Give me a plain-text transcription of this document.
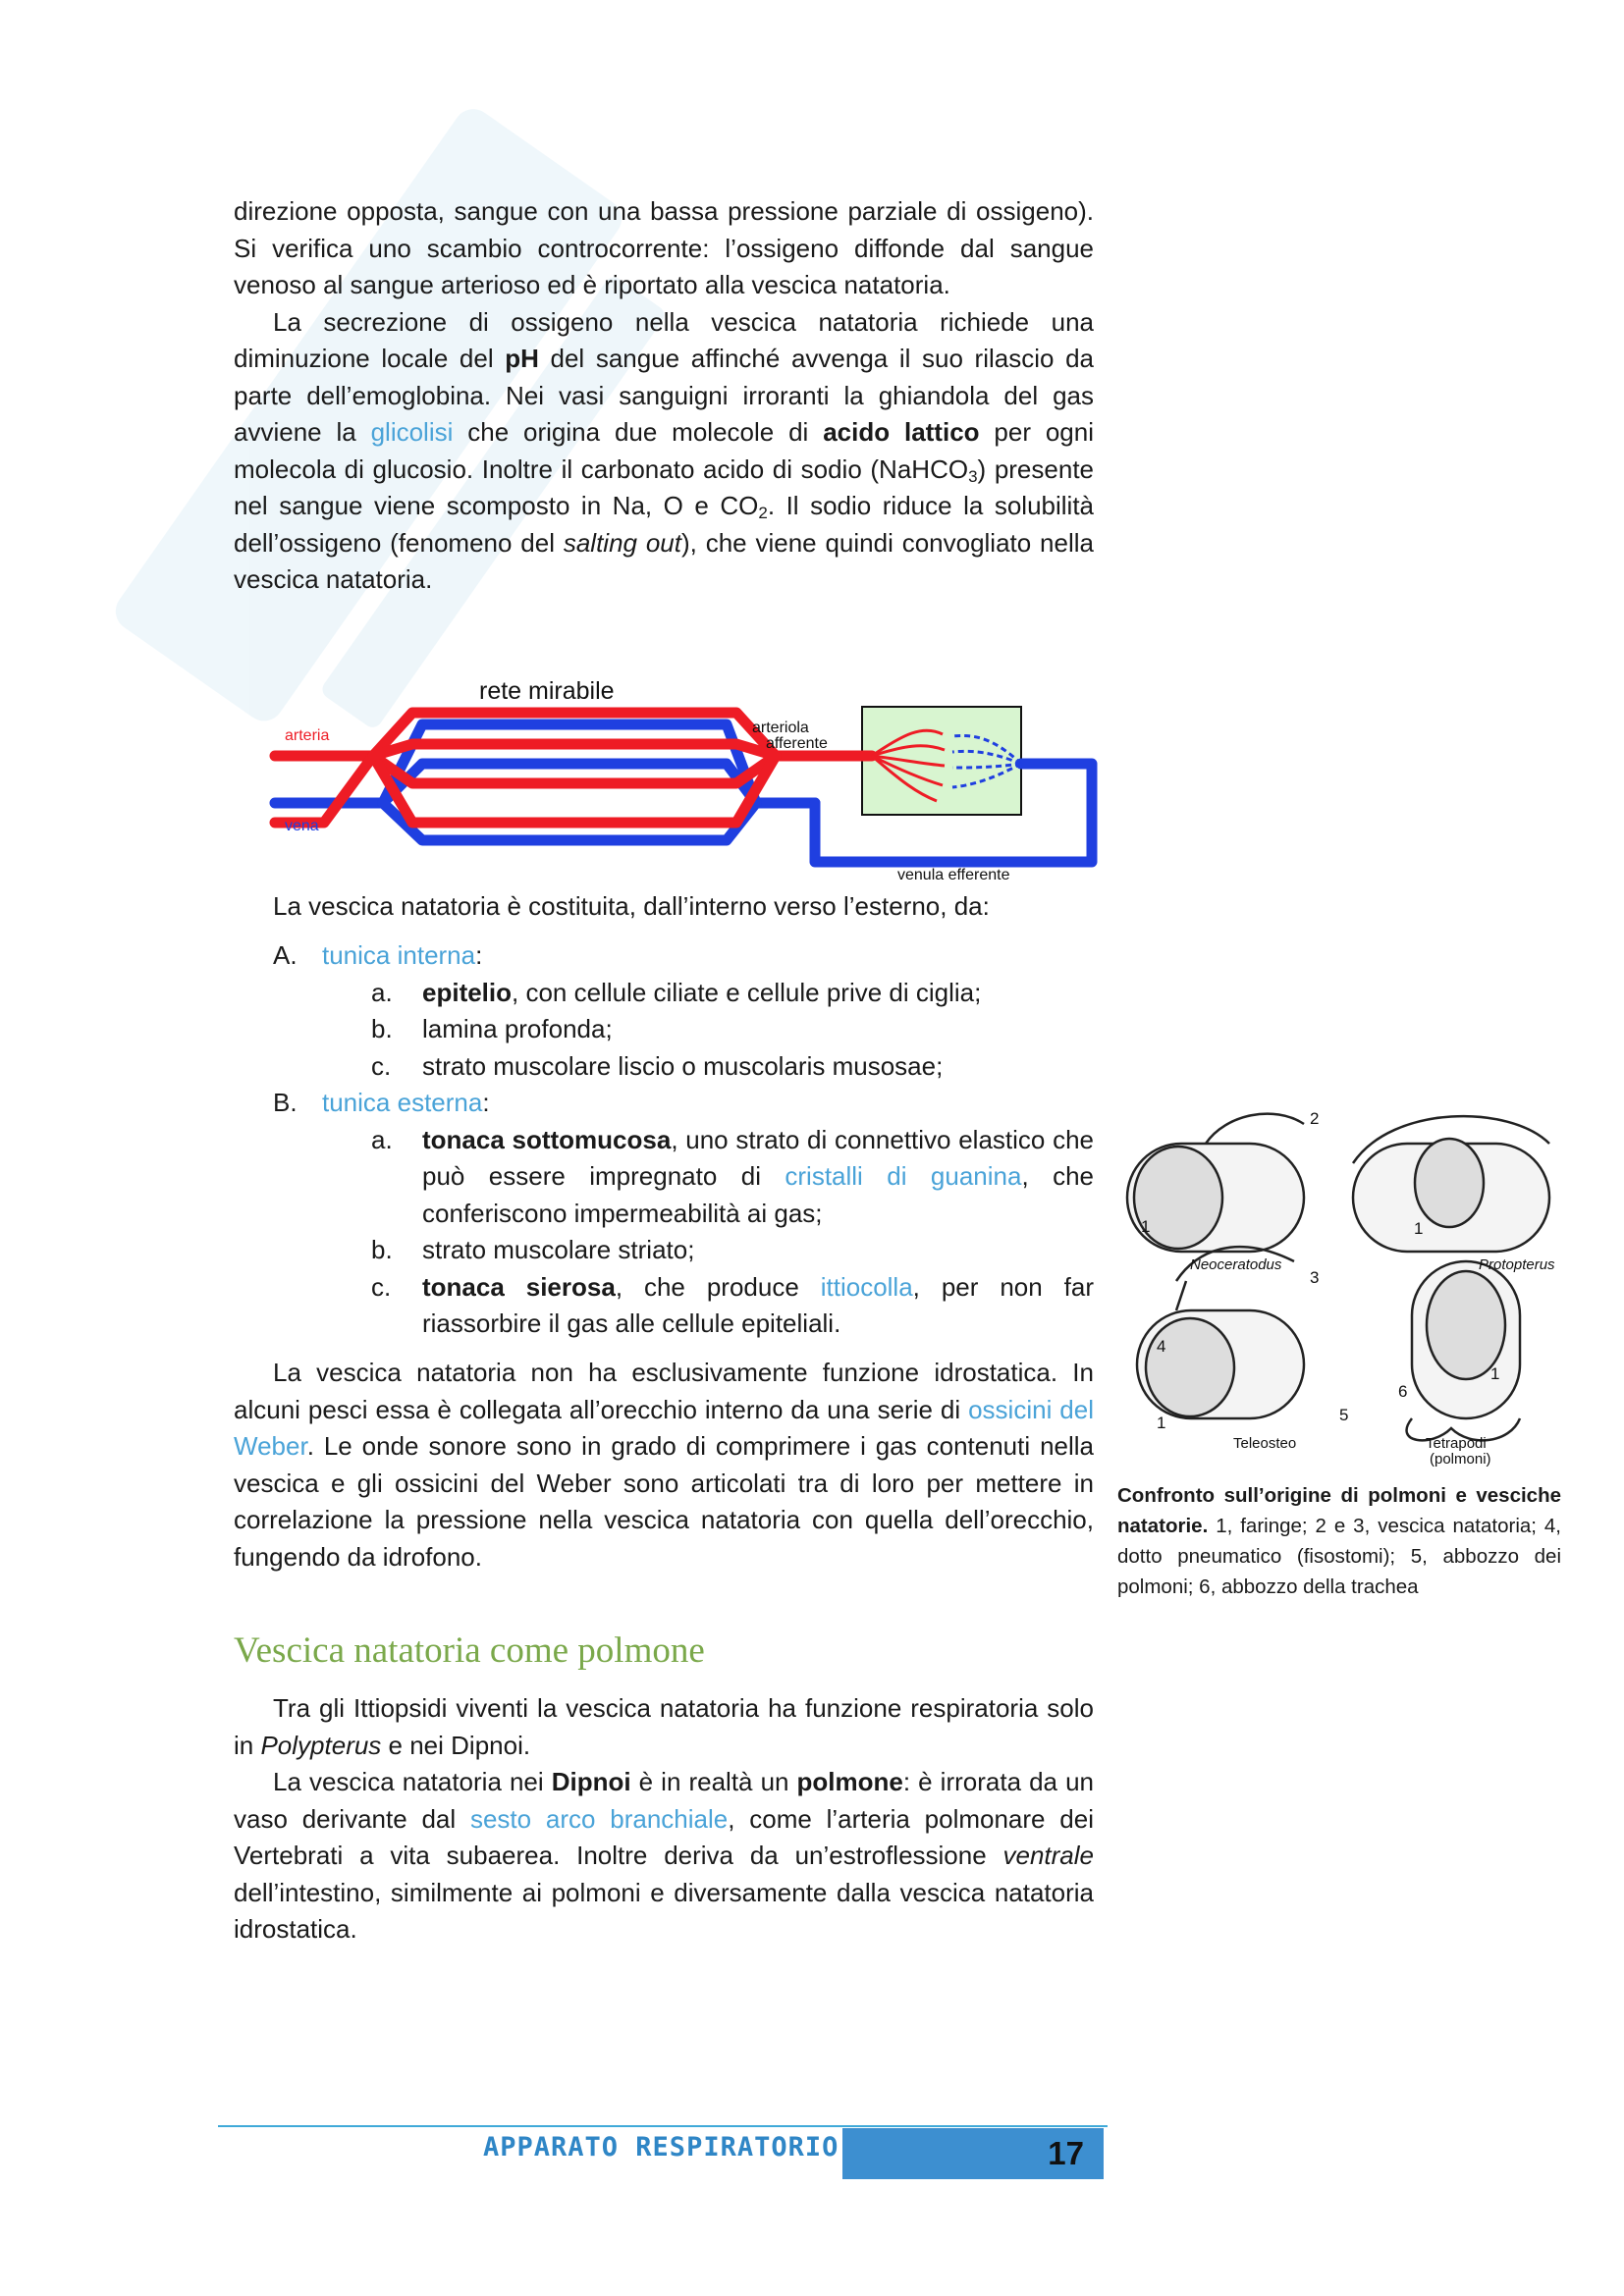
direzione opposta, sangue con una bassa pressione parziale di ossigeno). Si verifica uno scambio controcorrente: l’ossigeno diffonde dal sangue venoso al sangue arterioso ed è riportato alla vescica natatoria.

La secrezione di ossigeno nella vescica natatoria richiede una diminuzione locale del pH del sangue affinché avvenga il suo rilascio da parte dell’emoglobina. Nei vasi sanguigni irroranti la ghiandola del gas avviene la glicolisi che origina due molecole di acido lattico per ogni molecola di glucosio. Inoltre il carbonato acido di sodio (NaHCO$_3$) presente nel sangue viene scomposto in Na, O e $CO_2$. Il sodio riduce la solubilità dell’ossigeno (fenomeno del salting out), che viene quindi convogliato nella vescica natatoria.

rete mirabile
arteria
vena
arteriola
afferente
venula efferente

La vescica natatoria è costituita, dall’interno verso l’esterno, da:

A. tunica interna:
a. epitelio, con cellule ciliate e cellule prive di ciglia;
b. lamina profonda;
c. strato muscolare liscio o muscolaris musosae;
B. tunica esterna:
a. tonaca sottomucosa, uno strato di connettivo elastico che può essere impregnato di cristalli di guanina, che conferiscono impermeabilità ai gas;
b. strato muscolare striato;
c. tonaca sierosa, che produce ittiocolla, per non far riassorbire il gas alle cellule epiteliali.

La vescica natatoria non ha esclusivamente funzione idrostatica. In alcuni pesci essa è collegata all’orecchio interno da una serie di ossicini del Weber. Le onde sonore sono in grado di comprimere i gas contenuti nella vescica e gli ossicini del Weber sono articolati tra di loro per mettere in correlazione la pressione nella vescica natatoria con quella dell’orecchio, fungendo da idrofono.

Vescica natatoria come polmone

Tra gli Ittiopsidi viventi la vescica natatoria ha funzione respiratoria solo in Polypterus e nei Dipnoi.

La vescica natatoria nei Dipnoi è in realtà un polmone: è irrorata da un vaso derivante dal sesto arco branchiale, come l’arteria polmonare dei Vertebrati a vita subaerea. Inoltre deriva da un’estroflessione ventrale dell’intestino, similmente ai polmoni e diversamente dalla vescica natatoria idrostatica.

1
2
1
Neoceratodus	Protopterus
3
4
1
Teleosteo
1
6
5
Tetrapodi
(polmoni)
Confronto sull’origine di polmoni e vesciche natatorie. 1, faringe; 2 e 3, vescica natatoria; 4, dotto pneumatico (fisostomi); 5, abbozzo dei polmoni; 6, abbozzo della trachea
APPARATO RESPIRATORIO	17
